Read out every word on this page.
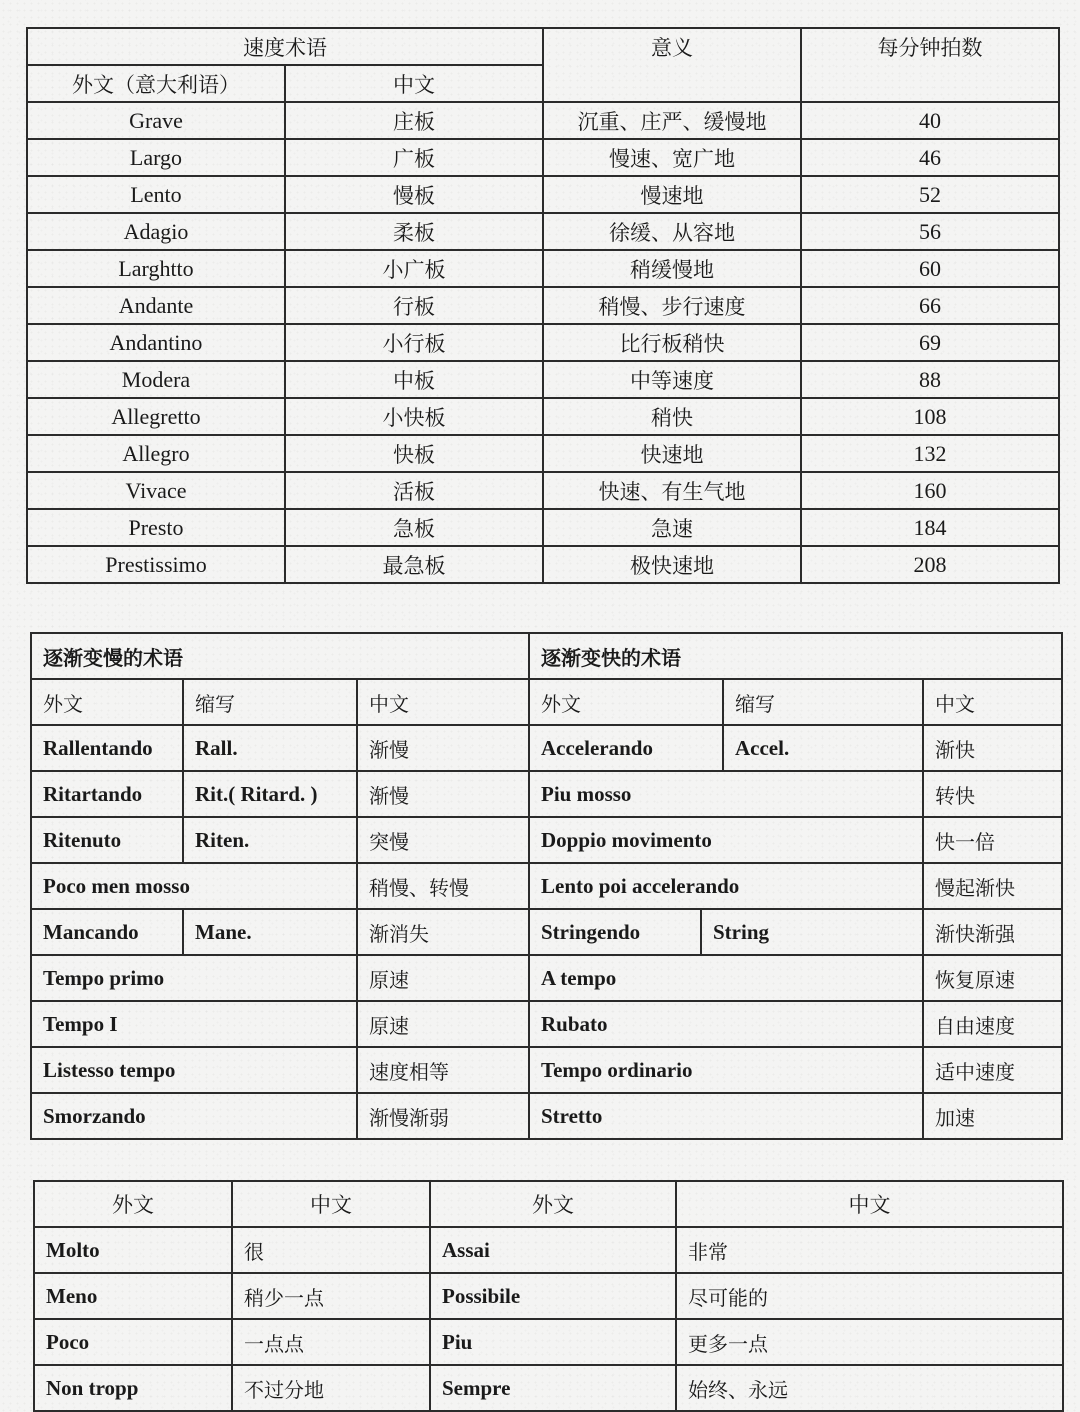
速度术语		意义	每分钟拍数
外文（意大利语）	中文		
Grave	庄板	沉重、庄严、缓慢地	40
Largo	广板	慢速、宽广地	46
Lento	慢板	慢速地	52
Adagio	柔板	徐缓、从容地	56
Larghtto	小广板	稍缓慢地	60
Andante	行板	稍慢、步行速度	66
Andantino	小行板	比行板稍快	69
Modera	中板	中等速度	88
Allegretto	小快板	稍快	108
Allegro	快板	快速地	132
Vivace	活板	快速、有生气地	160
Presto	急板	急速	184
Prestissimo	最急板	极快速地	208
逐渐变慢的术语			逐渐变快的术语			
外文	缩写	中文	外文		缩写	中文
Rallentando	Rall.	渐慢	Accelerando		Accel.	渐快
Ritartando	Rit.( Ritard. )	渐慢	Piu mosso			转快
Ritenuto	Riten.	突慢	Doppio movimento			快一倍
Poco men mosso		稍慢、转慢	Lento poi accelerando			慢起渐快
Mancando	Mane.	渐消失	Stringendo	String		渐快渐强
Tempo primo		原速	A tempo			恢复原速
Tempo I		原速	Rubato			自由速度
Listesso tempo		速度相等	Tempo ordinario			适中速度
Smorzando		渐慢渐弱	Stretto			加速
外文	中文	外文	中文
Molto	很	Assai	非常
Meno	稍少一点	Possibile	尽可能的
Poco	一点点	Piu	更多一点
Non tropp	不过分地	Sempre	始终、永远
